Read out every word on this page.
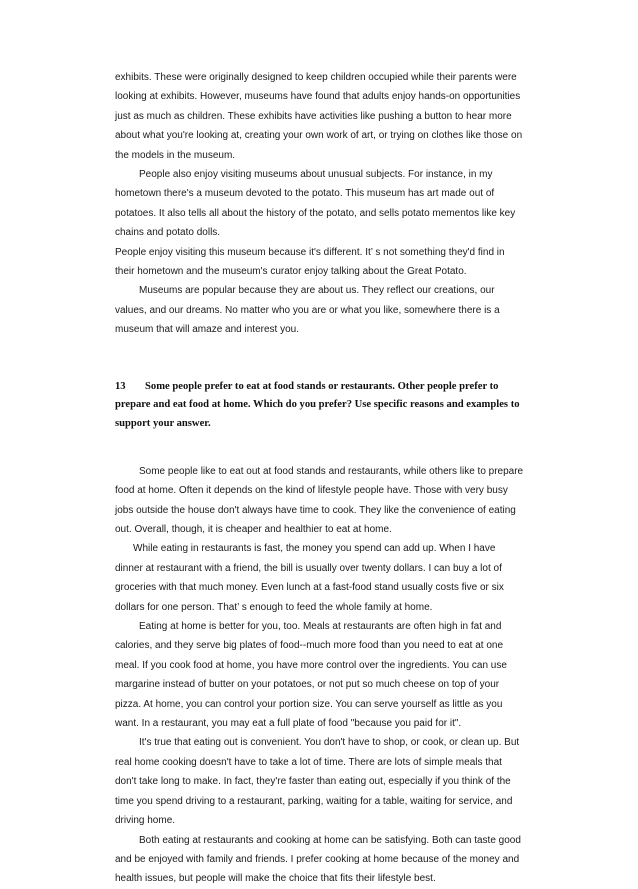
exhibits. These were originally designed to keep children occupied while their parents were looking at exhibits. However, museums have found that adults enjoy hands-on opportunities just as much as children. These exhibits have activities like pushing a button to hear more about what you're looking at, creating your own work of art, or trying on clothes like those on the models in the museum.

People also enjoy visiting museums about unusual subjects. For instance, in my hometown there's a museum devoted to the potato. This museum has art made out of potatoes. It also tells all about the history of the potato, and sells potato mementos like key chains and potato dolls.

People enjoy visiting this museum because it's different. It’ s not something they'd find in their hometown and the museum's curator enjoy talking about the Great Potato.

Museums are popular because they are about us. They reflect our creations, our values, and our dreams. No matter who you are or what you like, somewhere there is a museum that will amaze and interest you.

13 Some people prefer to eat at food stands or restaurants. Other people prefer to prepare and eat food at home. Which do you prefer? Use specific reasons and examples to support your answer.

Some people like to eat out at food stands and restaurants, while others like to prepare food at home. Often it depends on the kind of lifestyle people have. Those with very busy jobs outside the house don't always have time to cook. They like the convenience of eating out. Overall, though, it is cheaper and healthier to eat at home.

While eating in restaurants is fast, the money you spend can add up. When I have dinner at restaurant with a friend, the bill is usually over twenty dollars. I can buy a lot of groceries with that much money. Even lunch at a fast-food stand usually costs five or six dollars for one person. That’ s enough to feed the whole family at home.

Eating at home is better for you, too. Meals at restaurants are often high in fat and calories, and they serve big plates of food--much more food than you need to eat at one meal. If you cook food at home, you have more control over the ingredients. You can use margarine instead of butter on your potatoes, or not put so much cheese on top of your pizza. At home, you can control your portion size. You can serve yourself as little as you want. In a restaurant, you may eat a full plate of food "because you paid for it".

It's true that eating out is convenient. You don't have to shop, or cook, or clean up. But real home cooking doesn't have to take a lot of time. There are lots of simple meals that don't take long to make. In fact, they're faster than eating out, especially if you think of the time you spend driving to a restaurant, parking, waiting for a table, waiting for service, and driving home.

Both eating at restaurants and cooking at home can be satisfying. Both can taste good and be enjoyed with family and friends. I prefer cooking at home because of the money and health issues, but people will make the choice that fits their lifestyle best.
